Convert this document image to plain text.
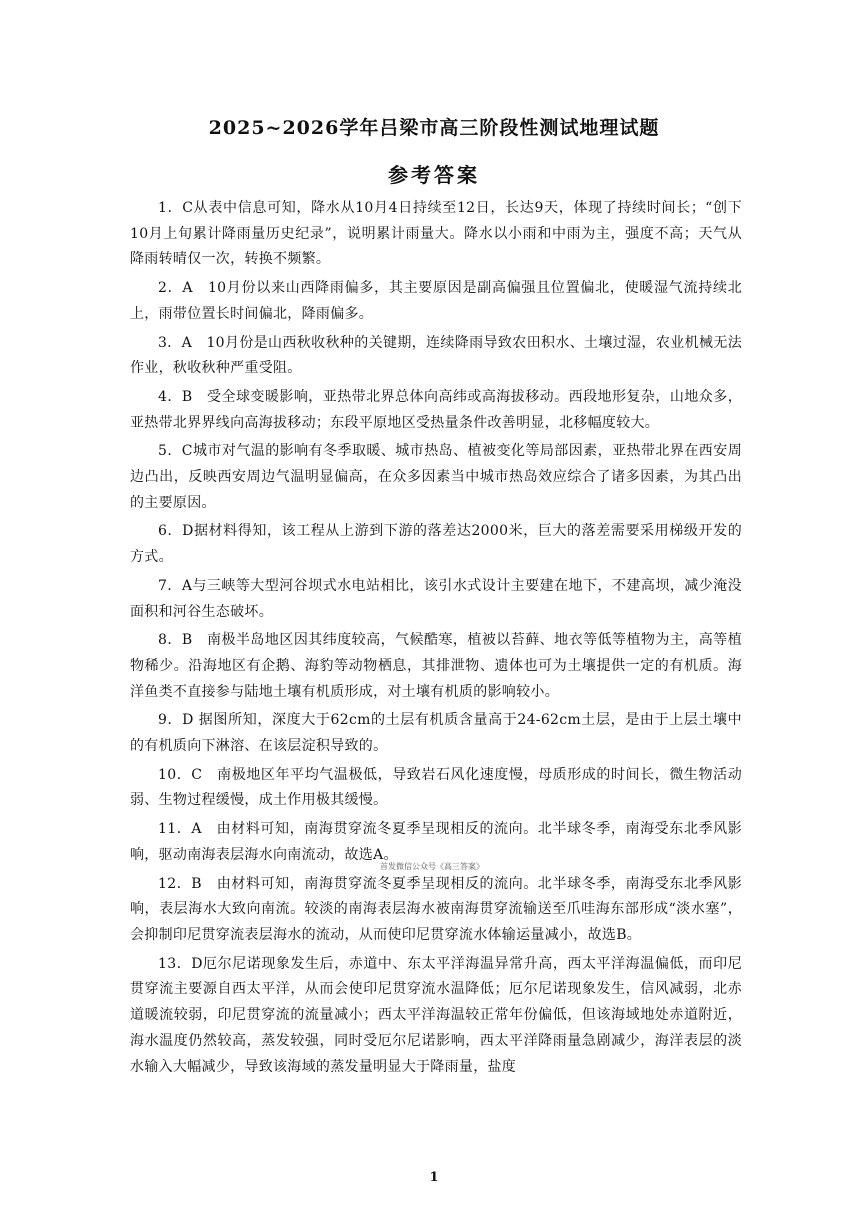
2025~2026学年吕梁市高三阶段性测试地理试题
参考答案

1．C从表中信息可知，降水从10月4日持续至12日，长达9天，体现了持续时间长；“创下10月上旬累计降雨量历史纪录”，说明累计雨量大。降水以小雨和中雨为主，强度不高；天气从降雨转晴仅一次，转换不频繁。

2．A　10月份以来山西降雨偏多，其主要原因是副高偏强且位置偏北，使暖湿气流持续北上，雨带位置长时间偏北，降雨偏多。

3．A　10月份是山西秋收秋种的关键期，连续降雨导致农田积水、土壤过湿，农业机械无法作业，秋收秋种严重受阻。

4．B　受全球变暖影响，亚热带北界总体向高纬或高海拔移动。西段地形复杂，山地众多，亚热带北界界线向高海拔移动；东段平原地区受热量条件改善明显，北移幅度较大。

5．C城市对气温的影响有冬季取暖、城市热岛、植被变化等局部因素，亚热带北界在西安周边凸出，反映西安周边气温明显偏高，在众多因素当中城市热岛效应综合了诸多因素，为其凸出的主要原因。

6．D据材料得知，该工程从上游到下游的落差达2000米，巨大的落差需要采用梯级开发的方式。

7．A与三峡等大型河谷坝式水电站相比，该引水式设计主要建在地下，不建高坝，减少淹没面积和河谷生态破坏。

8．B　南极半岛地区因其纬度较高，气候酷寒，植被以苔藓、地衣等低等植物为主，高等植物稀少。沿海地区有企鹅、海豹等动物栖息，其排泄物、遗体也可为土壤提供一定的有机质。海洋鱼类不直接参与陆地土壤有机质形成，对土壤有机质的影响较小。

9．D 据图所知，深度大于62cm的土层有机质含量高于24-62cm土层，是由于上层土壤中的有机质向下淋溶、在该层淀积导致的。

10．C　南极地区年平均气温极低，导致岩石风化速度慢，母质形成的时间长，微生物活动弱、生物过程缓慢，成土作用极其缓慢。

11．A　由材料可知，南海贯穿流冬夏季呈现相反的流向。北半球冬季，南海受东北季风影响，驱动南海表层海水向南流动，故选A。

12．B　由材料可知，南海贯穿流冬夏季呈现相反的流向。北半球冬季，南海受东北季风影响，表层海水大致向南流。较淡的南海表层海水被南海贯穿流输送至爪哇海东部形成“淡水塞”，会抑制印尼贯穿流表层海水的流动，从而使印尼贯穿流水体输运量减小，故选B。

13．D厄尔尼诺现象发生后，赤道中、东太平洋海温异常升高，西太平洋海温偏低，而印尼贯穿流主要源自西太平洋，从而会使印尼贯穿流水温降低；厄尔尼诺现象发生，信风减弱，北赤道暖流较弱，印尼贯穿流的流量减小；西太平洋海温较正常年份偏低，但该海域地处赤道附近，海水温度仍然较高，蒸发较强，同时受厄尔尼诺影响，西太平洋降雨量急剧减少，海洋表层的淡水输入大幅减少，导致该海域的蒸发量明显大于降雨量，盐度

首发微信公众号《高三答案》
1
